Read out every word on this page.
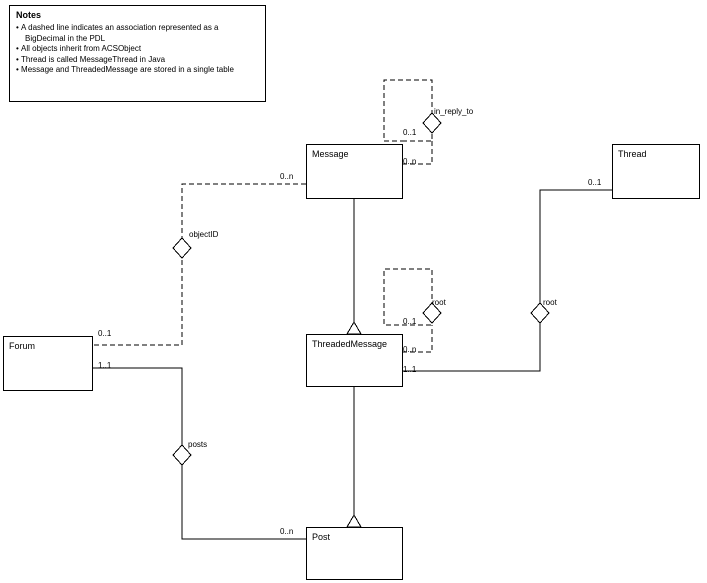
Notes
• A dashed line indicates an association represented as a BigDecimal in the PDL
• All objects inherit from ACSObject
• Thread is called MessageThread in Java
• Message and ThreadedMessage are stored in a single table
Message	Thread
Forum	ThreadedMessage
Post
in_reply_to
objectID
root	root
posts
0..1
0..n
0..n
0..1
0..1
1..1
0..1
0..n
1..1
0..n
